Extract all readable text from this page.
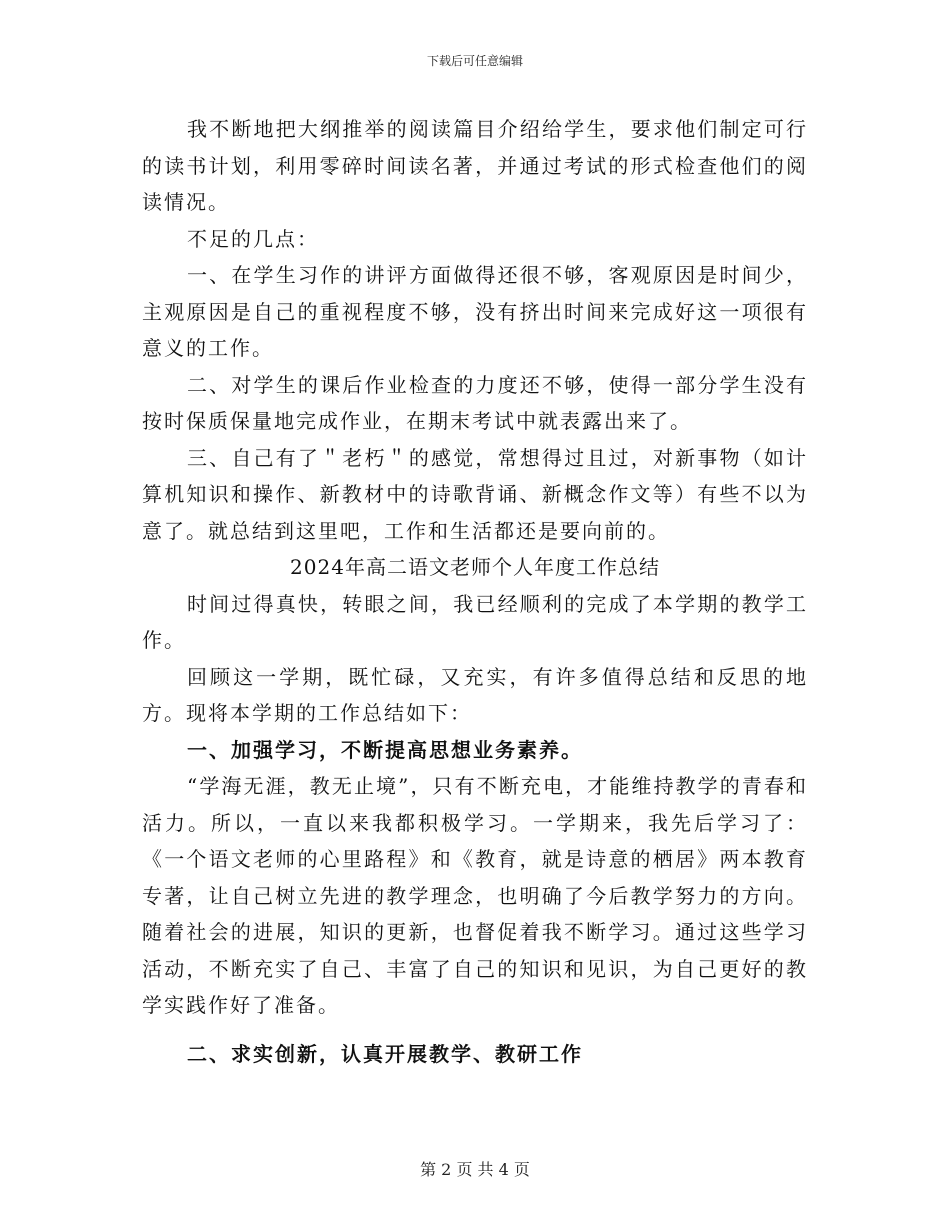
下载后可任意编辑

我不断地把大纲推举的阅读篇目介绍给学生，要求他们制定可行的读书计划，利用零碎时间读名著，并通过考试的形式检查他们的阅读情况。

不足的几点：

一、在学生习作的讲评方面做得还很不够，客观原因是时间少，主观原因是自己的重视程度不够，没有挤出时间来完成好这一项很有意义的工作。

二、对学生的课后作业检查的力度还不够，使得一部分学生没有按时保质保量地完成作业，在期末考试中就表露出来了。

三、自己有了＂老朽＂的感觉，常想得过且过，对新事物（如计算机知识和操作、新教材中的诗歌背诵、新概念作文等）有些不以为意了。就总结到这里吧，工作和生活都还是要向前的。

2024年高二语文老师个人年度工作总结

时间过得真快，转眼之间，我已经顺利的完成了本学期的教学工作。

回顾这一学期，既忙碌，又充实，有许多值得总结和反思的地方。现将本学期的工作总结如下：

一、加强学习，不断提高思想业务素养。

“学海无涯，教无止境”，只有不断充电，才能维持教学的青春和活力。所以，一直以来我都积极学习。一学期来，我先后学习了：《一个语文老师的心里路程》和《教育，就是诗意的栖居》两本教育专著，让自己树立先进的教学理念，也明确了今后教学努力的方向。随着社会的进展，知识的更新，也督促着我不断学习。通过这些学习活动，不断充实了自己、丰富了自己的知识和见识，为自己更好的教学实践作好了准备。

二、求实创新，认真开展教学、教研工作

第 2 页 共 4 页
